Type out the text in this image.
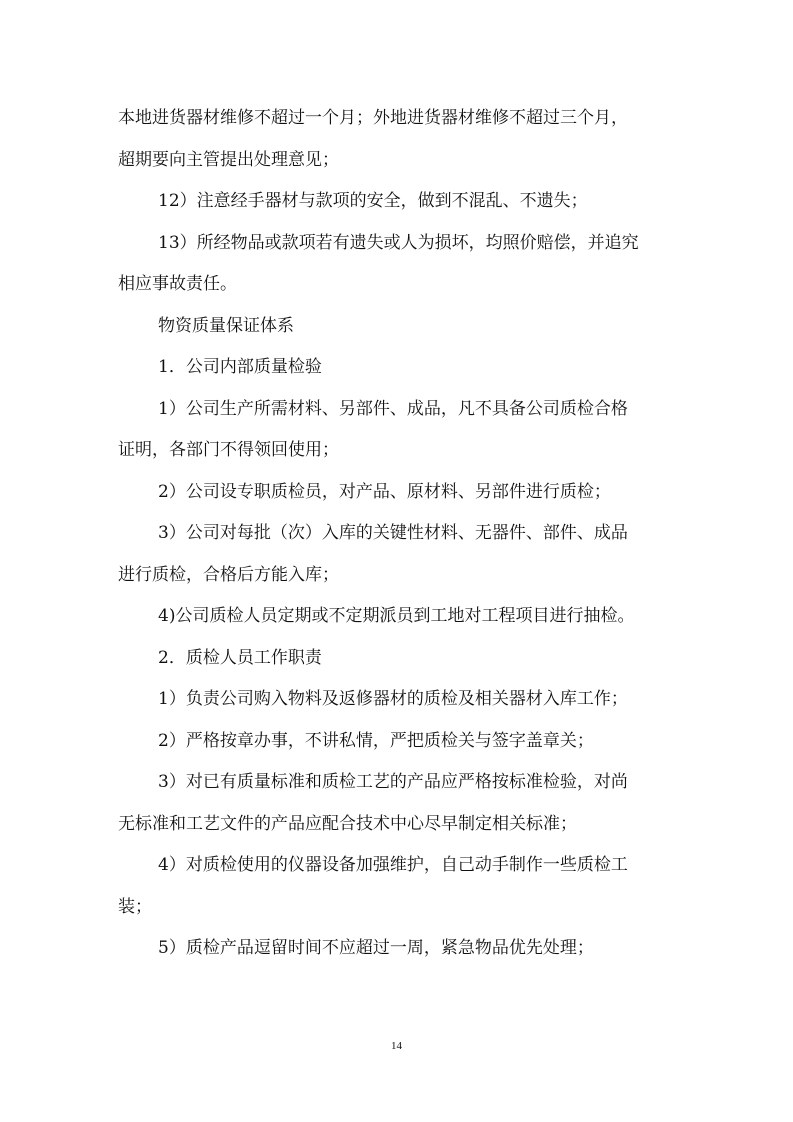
本地进货器材维修不超过一个月；外地进货器材维修不超过三个月，
超期要向主管提出处理意见；
12）注意经手器材与款项的安全，做到不混乱、不遗失；
13）所经物品或款项若有遗失或人为损坏，均照价赔偿，并追究
相应事故责任。
物资质量保证体系
1．公司内部质量检验
1）公司生产所需材料、另部件、成品，凡不具备公司质检合格
证明，各部门不得领回使用；
2）公司设专职质检员，对产品、原材料、另部件进行质检；
3）公司对每批（次）入库的关键性材料、无器件、部件、成品
进行质检，合格后方能入库；
4)公司质检人员定期或不定期派员到工地对工程项目进行抽检。
2．质检人员工作职责
1）负责公司购入物料及返修器材的质检及相关器材入库工作；
2）严格按章办事，不讲私情，严把质检关与签字盖章关；
3）对已有质量标准和质检工艺的产品应严格按标准检验，对尚
无标准和工艺文件的产品应配合技术中心尽早制定相关标准；
4）对质检使用的仪器设备加强维护，自己动手制作一些质检工
装；
5）质检产品逗留时间不应超过一周，紧急物品优先处理；
14
